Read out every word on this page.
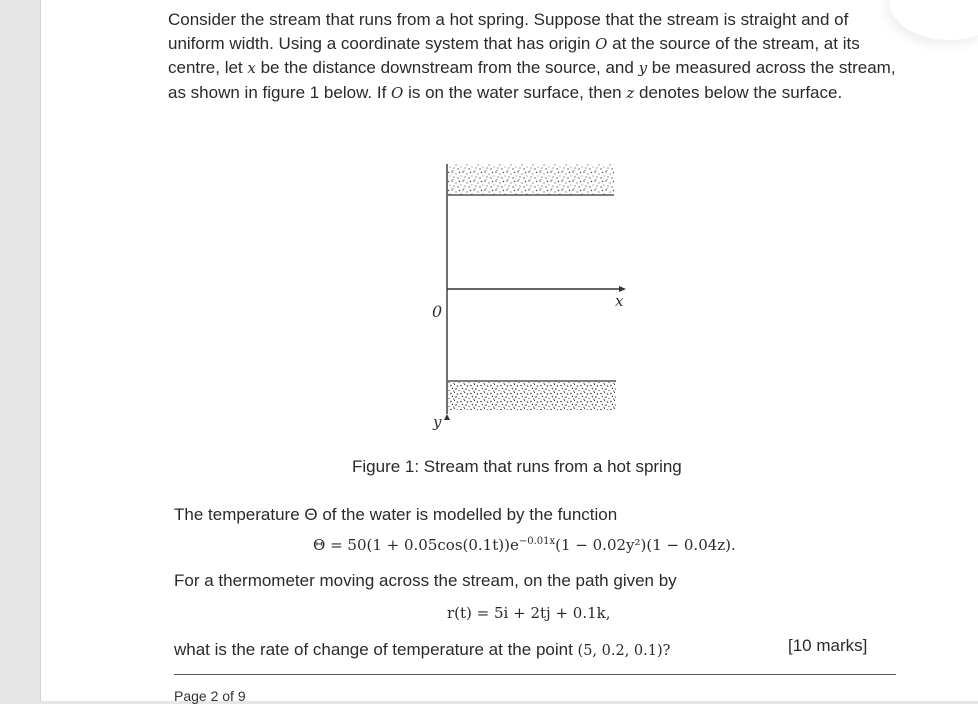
Consider the stream that runs from a hot spring. Suppose that the stream is straight and of uniform width. Using a coordinate system that has origin O at the source of the stream, at its centre, let x be the distance downstream from the source, and y be measured across the stream, as shown in figure 1 below. If O is on the water surface, then z denotes below the surface.

0
x
y

Figure 1: Stream that runs from a hot spring

The temperature Θ of the water is modelled by the function

$\Theta = 50(1 + 0.05\cos(0.1t))e^{-0.01x}(1 - 0.02y^2)(1 - 0.04z)$.

For a thermometer moving across the stream, on the path given by

r(t) = 5i + 2tj + 0.1k,

what is the rate of change of temperature at the point (5, 0.2, 0.1)?	[10 marks]

Page 2 of 9
